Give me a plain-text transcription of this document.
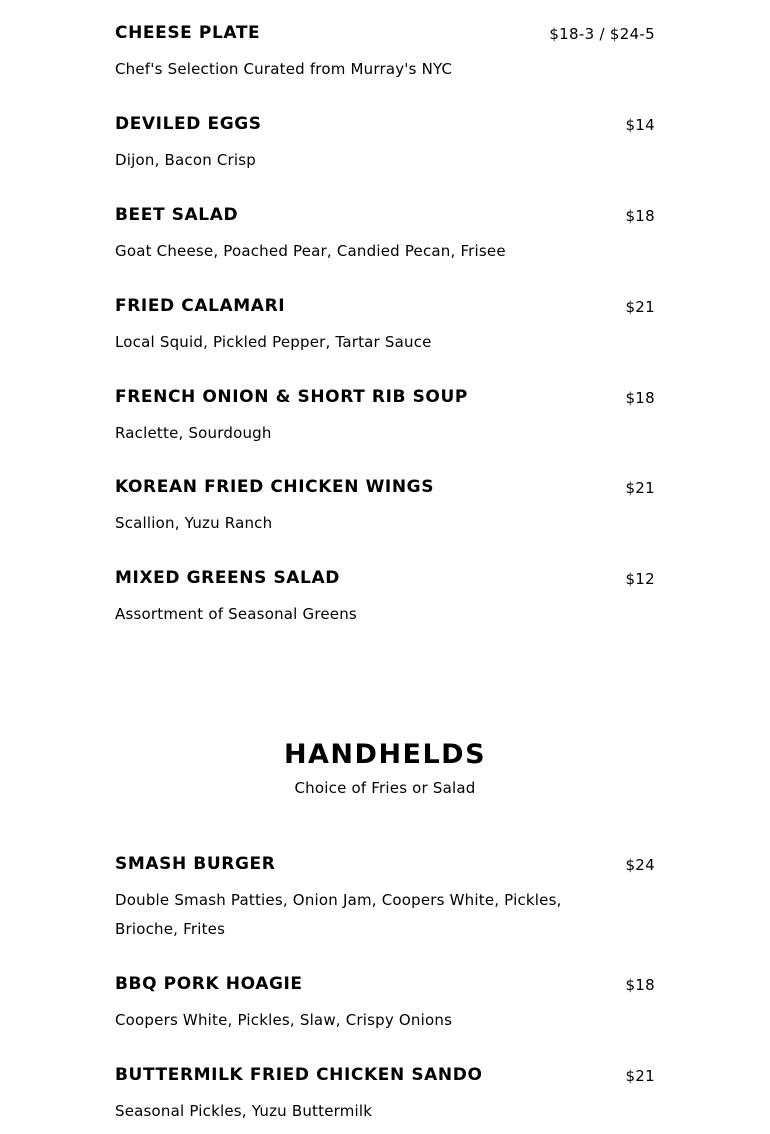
CHEESE PLATE	$18-3 / $24-5
Chef's Selection Curated from Murray's NYC
DEVILED EGGS	$14
Dijon, Bacon Crisp
BEET SALAD	$18
Goat Cheese, Poached Pear, Candied Pecan, Frisee
FRIED CALAMARI	$21
Local Squid, Pickled Pepper, Tartar Sauce
FRENCH ONION & SHORT RIB SOUP	$18
Raclette, Sourdough
KOREAN FRIED CHICKEN WINGS	$21
Scallion, Yuzu Ranch
MIXED GREENS SALAD	$12
Assortment of Seasonal Greens
HANDHELDS
Choice of Fries or Salad
SMASH BURGER	$24
Double Smash Patties, Onion Jam, Coopers White, Pickles, Brioche, Frites
BBQ PORK HOAGIE	$18
Coopers White, Pickles, Slaw, Crispy Onions
BUTTERMILK FRIED CHICKEN SANDO	$21
Seasonal Pickles, Yuzu Buttermilk
